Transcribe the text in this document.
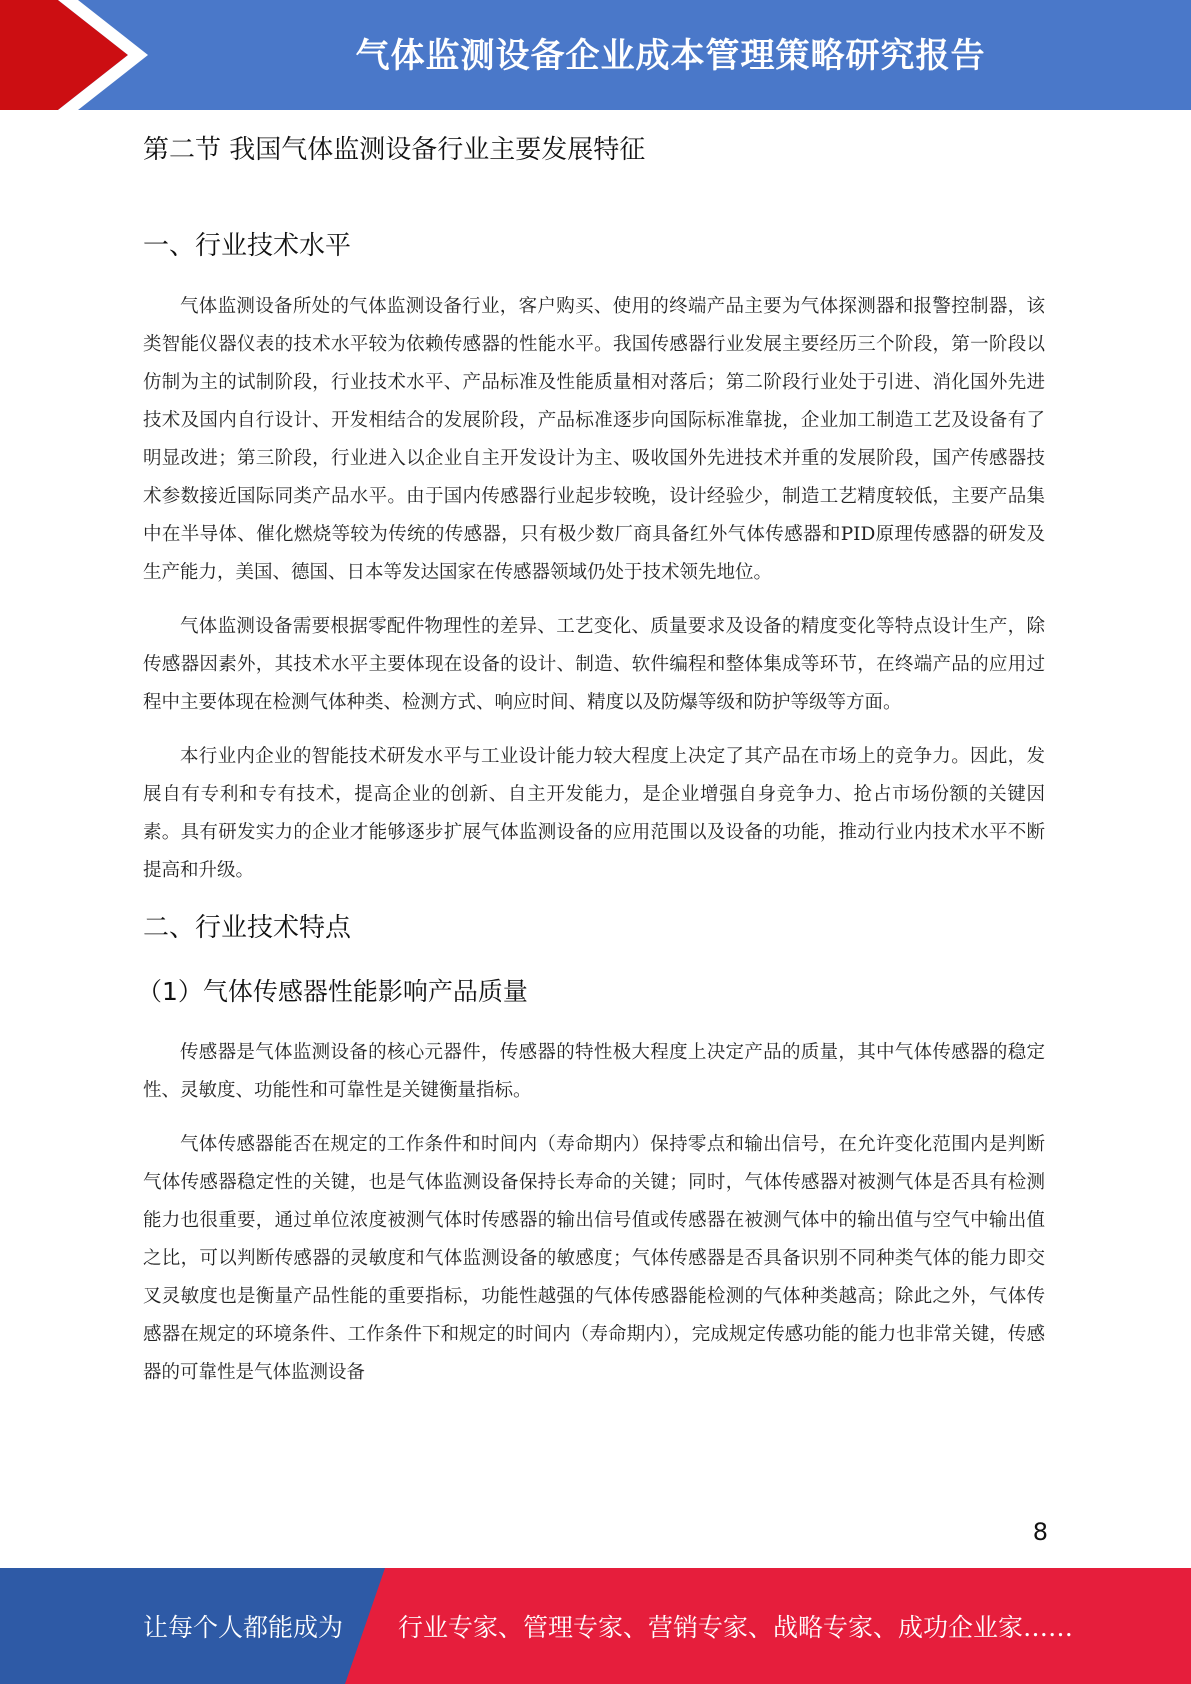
气体监测设备企业成本管理策略研究报告
第二节 我国气体监测设备行业主要发展特征
一、行业技术水平

气体监测设备所处的气体监测设备行业，客户购买、使用的终端产品主要为气体探测器和报警控制器，该类智能仪器仪表的技术水平较为依赖传感器的性能水平。我国传感器行业发展主要经历三个阶段，第一阶段以仿制为主的试制阶段，行业技术水平、产品标准及性能质量相对落后；第二阶段行业处于引进、消化国外先进技术及国内自行设计、开发相结合的发展阶段，产品标准逐步向国际标准靠拢，企业加工制造工艺及设备有了明显改进；第三阶段，行业进入以企业自主开发设计为主、吸收国外先进技术并重的发展阶段，国产传感器技术参数接近国际同类产品水平。由于国内传感器行业起步较晚，设计经验少，制造工艺精度较低，主要产品集中在半导体、催化燃烧等较为传统的传感器，只有极少数厂商具备红外气体传感器和PID原理传感器的研发及生产能力，美国、德国、日本等发达国家在传感器领域仍处于技术领先地位。

气体监测设备需要根据零配件物理性的差异、工艺变化、质量要求及设备的精度变化等特点设计生产，除传感器因素外，其技术水平主要体现在设备的设计、制造、软件编程和整体集成等环节，在终端产品的应用过程中主要体现在检测气体种类、检测方式、响应时间、精度以及防爆等级和防护等级等方面。

本行业内企业的智能技术研发水平与工业设计能力较大程度上决定了其产品在市场上的竞争力。因此，发展自有专利和专有技术，提高企业的创新、自主开发能力，是企业增强自身竞争力、抢占市场份额的关键因素。具有研发实力的企业才能够逐步扩展气体监测设备的应用范围以及设备的功能，推动行业内技术水平不断提高和升级。

二、行业技术特点
（1）气体传感器性能影响产品质量

传感器是气体监测设备的核心元器件，传感器的特性极大程度上决定产品的质量，其中气体传感器的稳定性、灵敏度、功能性和可靠性是关键衡量指标。

气体传感器能否在规定的工作条件和时间内（寿命期内）保持零点和输出信号，在允许变化范围内是判断气体传感器稳定性的关键，也是气体监测设备保持长寿命的关键；同时，气体传感器对被测气体是否具有检测能力也很重要，通过单位浓度被测气体时传感器的输出信号值或传感器在被测气体中的输出值与空气中输出值之比，可以判断传感器的灵敏度和气体监测设备的敏感度；气体传感器是否具备识别不同种类气体的能力即交叉灵敏度也是衡量产品性能的重要指标，功能性越强的气体传感器能检测的气体种类越高；除此之外，气体传感器在规定的环境条件、工作条件下和规定的时间内（寿命期内），完成规定传感功能的能力也非常关键，传感器的可靠性是气体监测设备

8
让每个人都能成为 行业专家、管理专家、营销专家、战略专家、成功企业家……
